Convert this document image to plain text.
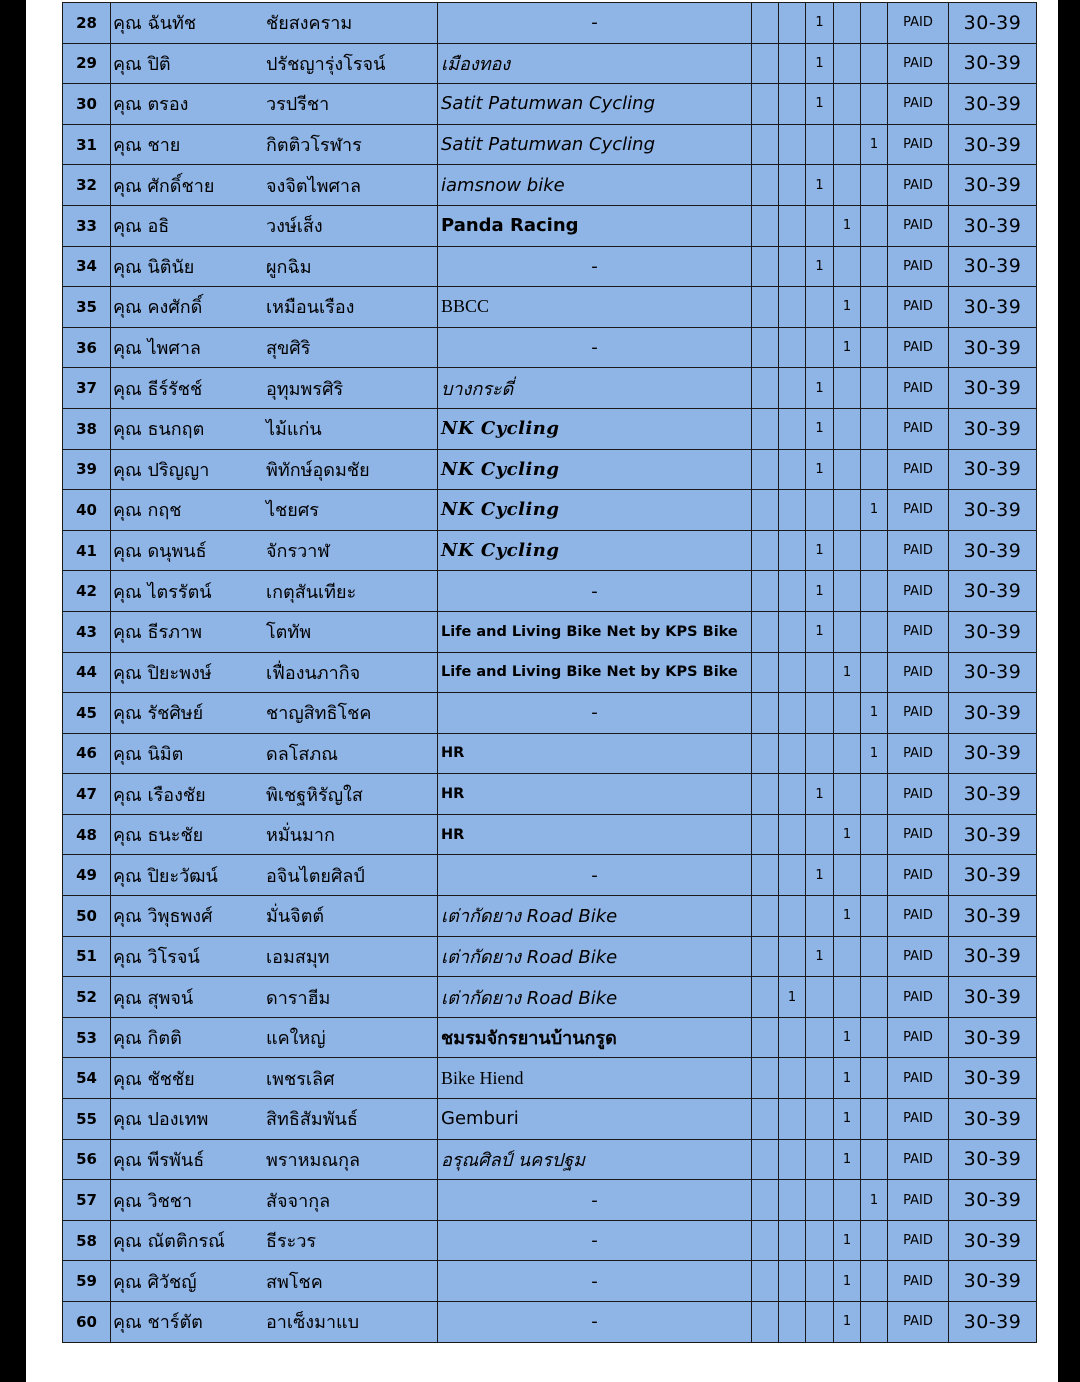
28	คุณ ฉันทัช ชัยสงคราม	-			1			PAID	30-39
29	คุณ ปิติ ปรัชญารุ่งโรจน์	เมืองทอง			1			PAID	30-39
30	คุณ ตรอง วรปรีชา	Satit Patumwan Cycling			1			PAID	30-39
31	คุณ ชาย กิตติวโรฬาร	Satit Patumwan Cycling					1	PAID	30-39
32	คุณ ศักดิ์ชาย จงจิตไพศาล	iamsnow bike			1			PAID	30-39
33	คุณ อธิ วงษ์เส็ง	Panda Racing				1		PAID	30-39
34	คุณ นิตินัย ผูกฉิม	-			1			PAID	30-39
35	คุณ คงศักดิ์ เหมือนเรือง	BBCC				1		PAID	30-39
36	คุณ ไพศาล สุขศิริ	-				1		PAID	30-39
37	คุณ ธีร์รัชช์ อุทุมพรศิริ	บางกระดี่			1			PAID	30-39
38	คุณ ธนกฤต ไม้แก่น	NK Cycling			1			PAID	30-39
39	คุณ ปริญญา พิทักษ์อุดมชัย	NK Cycling			1			PAID	30-39
40	คุณ กฤช ไชยศร	NK Cycling					1	PAID	30-39
41	คุณ ดนุพนธ์ จักรวาฬ	NK Cycling			1			PAID	30-39
42	คุณ ไตรรัตน์ เกตุสันเทียะ	-			1			PAID	30-39
43	คุณ ธีรภาพ โตทัพ	Life and Living Bike Net by KPS Bike			1			PAID	30-39
44	คุณ ปิยะพงษ์ เฟื่องนภากิจ	Life and Living Bike Net by KPS Bike				1		PAID	30-39
45	คุณ รัชศิษย์ ชาญสิทธิโชค	-					1	PAID	30-39
46	คุณ นิมิต ดลโสภณ	HR					1	PAID	30-39
47	คุณ เรืองชัย พิเชฐหิรัญใส	HR			1			PAID	30-39
48	คุณ ธนะชัย หมั่นมาก	HR				1		PAID	30-39
49	คุณ ปิยะวัฒน์ อจินไตยศิลป์	-			1			PAID	30-39
50	คุณ วิพุธพงศ์ มั่นจิตต์	เต่ากัดยาง Road Bike				1		PAID	30-39
51	คุณ วิโรจน์ เอมสมุท	เต่ากัดยาง Road Bike			1			PAID	30-39
52	คุณ สุพจน์ ดาราฮีม	เต่ากัดยาง Road Bike		1				PAID	30-39
53	คุณ กิตติ แคใหญ่	ชมรมจักรยานบ้านกรูด				1		PAID	30-39
54	คุณ ชัชชัย เพชรเลิศ	Bike Hiend				1		PAID	30-39
55	คุณ ปองเทพ สิทธิสัมพันธ์	Gemburi				1		PAID	30-39
56	คุณ พีรพันธ์ พราหมณกุล	อรุณศิลป์ นครปฐม				1		PAID	30-39
57	คุณ วิชชา สัจจากุล	-					1	PAID	30-39
58	คุณ ณัตติกรณ์ ธีระวร	-				1		PAID	30-39
59	คุณ ศิวัชญ์ สพโชค	-				1		PAID	30-39
60	คุณ ชาร์ตัต อาเซ็งมาแบ	-				1		PAID	30-39
